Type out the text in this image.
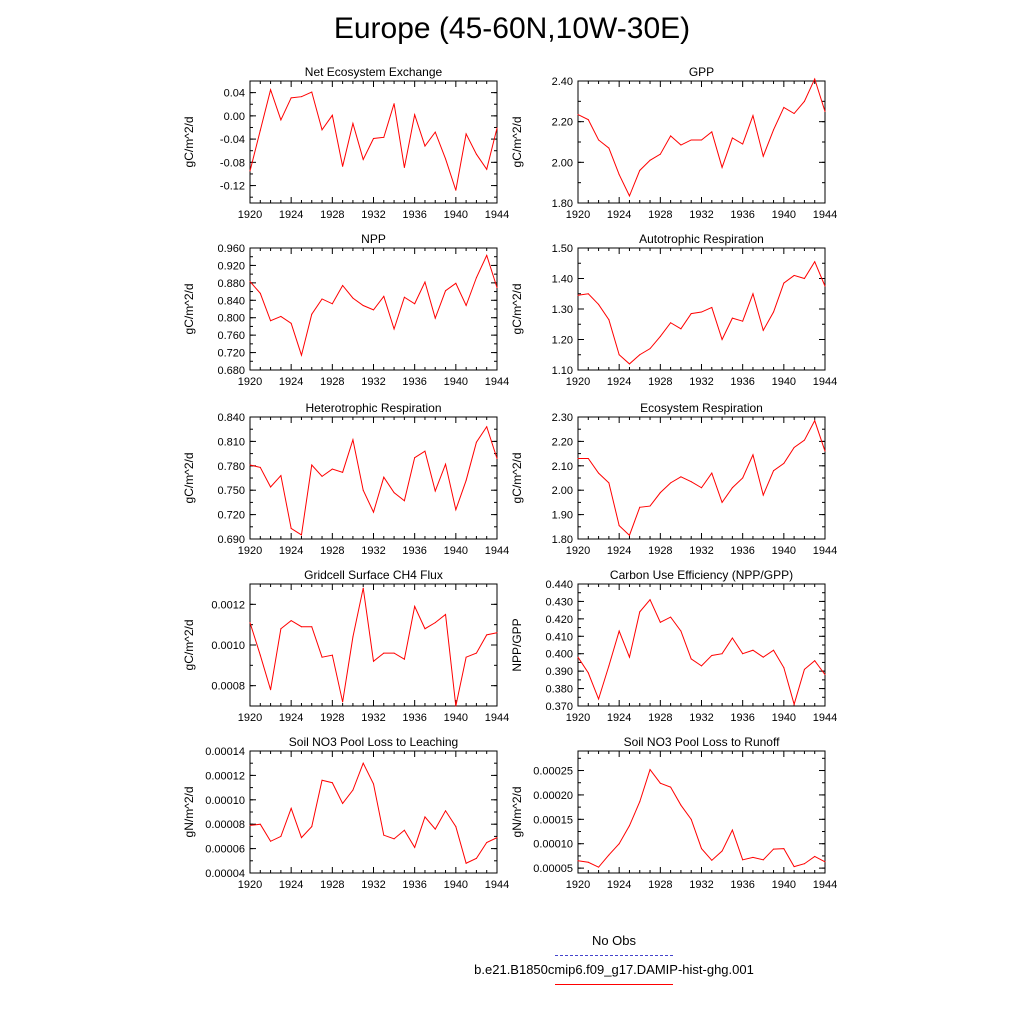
Europe (45-60N,10W-30E)
Net Ecosystem Exchange
gC/m^2/d
1920 1924 1928 1932 1936 1940 1944
0.04
0.00
-0.04
-0.08
-0.12
GPP
gC/m^2/d
1920 1924 1928 1932 1936 1940 1944
2.40
2.20
2.00
1.80
NPP
gC/m^2/d
1920 1924 1928 1932 1936 1940 1944
0.960
0.920
0.880
0.840
0.800
0.760
0.720
0.680
Autotrophic Respiration
gC/m^2/d
1920 1924 1928 1932 1936 1940 1944
1.50
1.40
1.30
1.20
1.10
Heterotrophic Respiration
gC/m^2/d
1920 1924 1928 1932 1936 1940 1944
0.840
0.810
0.780
0.750
0.720
0.690
Ecosystem Respiration
gC/m^2/d
1920 1924 1928 1932 1936 1940 1944
2.30
2.20
2.10
2.00
1.90
1.80
Gridcell Surface CH4 Flux
gC/m^2/d
1920 1924 1928 1932 1936 1940 1944
0.0012
0.0010
0.0008
Carbon Use Efficiency (NPP/GPP)
NPP/GPP
1920 1924 1928 1932 1936 1940 1944
0.440
0.430
0.420
0.410
0.400
0.390
0.380
0.370
Soil NO3 Pool Loss to Leaching
gN/m^2/d
1920 1924 1928 1932 1936 1940 1944
0.00014
0.00012
0.00010
0.00008
0.00006
0.00004
Soil NO3 Pool Loss to Runoff
gN/m^2/d
1920 1924 1928 1932 1936 1940 1944
0.00025
0.00020
0.00015
0.00010
0.00005
No Obs
b.e21.B1850cmip6.f09_g17.DAMIP-hist-ghg.001
